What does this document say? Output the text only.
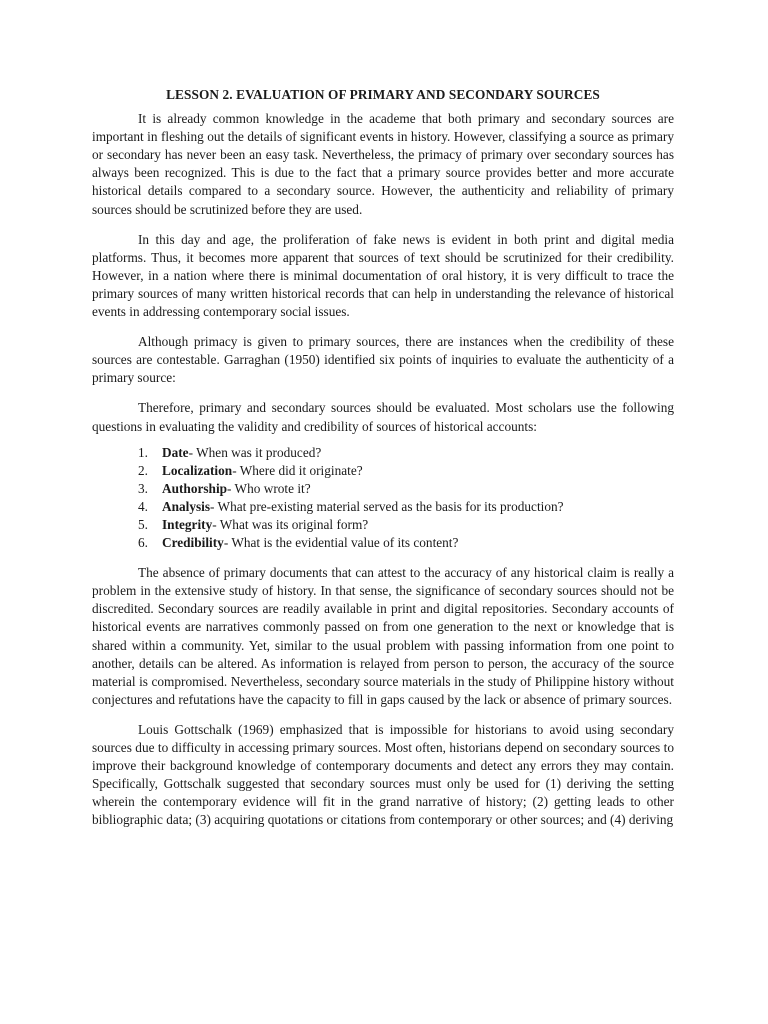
LESSON 2. EVALUATION OF PRIMARY AND SECONDARY SOURCES

It is already common knowledge in the academe that both primary and secondary sources are important in fleshing out the details of significant events in history. However, classifying a source as primary or secondary has never been an easy task. Nevertheless, the primacy of primary over secondary sources has always been recognized. This is due to the fact that a primary source provides better and more accurate historical details compared to a secondary source. However, the authenticity and reliability of primary sources should be scrutinized before they are used.

In this day and age, the proliferation of fake news is evident in both print and digital media platforms. Thus, it becomes more apparent that sources of text should be scrutinized for their credibility. However, in a nation where there is minimal documentation of oral history, it is very difficult to trace the primary sources of many written historical records that can help in understanding the relevance of historical events in addressing contemporary social issues.

Although primacy is given to primary sources, there are instances when the credibility of these sources are contestable. Garraghan (1950) identified six points of inquiries to evaluate the authenticity of a primary source:

Therefore, primary and secondary sources should be evaluated. Most scholars use the following questions in evaluating the validity and credibility of sources of historical accounts:

1. Date- When was it produced?
2. Localization- Where did it originate?
3. Authorship- Who wrote it?
4. Analysis- What pre-existing material served as the basis for its production?
5. Integrity- What was its original form?
6. Credibility- What is the evidential value of its content?

The absence of primary documents that can attest to the accuracy of any historical claim is really a problem in the extensive study of history. In that sense, the significance of secondary sources should not be discredited. Secondary sources are readily available in print and digital repositories. Secondary accounts of historical events are narratives commonly passed on from one generation to the next or knowledge that is shared within a community. Yet, similar to the usual problem with passing information from one point to another, details can be altered. As information is relayed from person to person, the accuracy of the source material is compromised. Nevertheless, secondary source materials in the study of Philippine history without conjectures and refutations have the capacity to fill in gaps caused by the lack or absence of primary sources.

Louis Gottschalk (1969) emphasized that is impossible for historians to avoid using secondary sources due to difficulty in accessing primary sources. Most often, historians depend on secondary sources to improve their background knowledge of contemporary documents and detect any errors they may contain. Specifically, Gottschalk suggested that secondary sources must only be used for (1) deriving the setting wherein the contemporary evidence will fit in the grand narrative of history; (2) getting leads to other bibliographic data; (3) acquiring quotations or citations from contemporary or other sources; and (4) deriving
